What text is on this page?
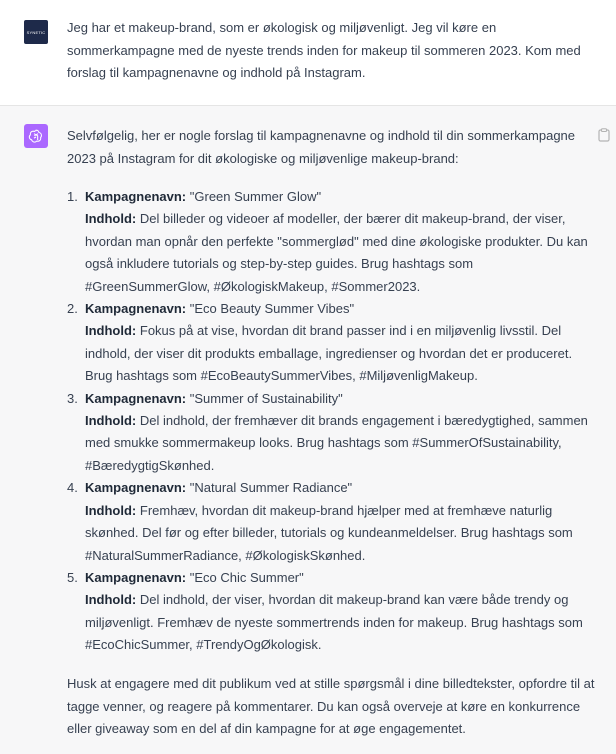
SYNETIC Jeg har et makeup-brand, som er økologisk og miljøvenligt. Jeg vil køre en sommerkampagne med de nyeste trends inden for makeup til sommeren 2023. Kom med forslag til kampagnenavne og indhold på Instagram.
Selvfølgelig, her er nogle forslag til kampagnenavne og indhold til din sommerkampagne 2023 på Instagram for dit økologiske og miljøvenlige makeup-brand:
1. Kampagnenavn: "Green Summer Glow"
Indhold: Del billeder og videoer af modeller, der bærer dit makeup-brand, der viser, hvordan man opnår den perfekte "sommerglød" med dine økologiske produkter. Du kan også inkludere tutorials og step-by-step guides. Brug hashtags som #GreenSummerGlow, #ØkologiskMakeup, #Sommer2023.
2. Kampagnenavn: "Eco Beauty Summer Vibes"
Indhold: Fokus på at vise, hvordan dit brand passer ind i en miljøvenlig livsstil. Del indhold, der viser dit produkts emballage, ingredienser og hvordan det er produceret. Brug hashtags som #EcoBeautySummerVibes, #MiljøvenligMakeup.
3. Kampagnenavn: "Summer of Sustainability"
Indhold: Del indhold, der fremhæver dit brands engagement i bæredygtighed, sammen med smukke sommermakeup looks. Brug hashtags som #SummerOfSustainability, #BæredygtigSkønhed.
4. Kampagnenavn: "Natural Summer Radiance"
Indhold: Fremhæv, hvordan dit makeup-brand hjælper med at fremhæve naturlig skønhed. Del før og efter billeder, tutorials og kundeanmeldelser. Brug hashtags som #NaturalSummerRadiance, #ØkologiskSkønhed.
5. Kampagnenavn: "Eco Chic Summer"
Indhold: Del indhold, der viser, hvordan dit makeup-brand kan være både trendy og miljøvenligt. Fremhæv de nyeste sommertrends inden for makeup. Brug hashtags som #EcoChicSummer, #TrendyOgØkologisk.
Husk at engagere med dit publikum ved at stille spørgsmål i dine billedtekster, opfordre til at tagge venner, og reagere på kommentarer. Du kan også overveje at køre en konkurrence eller giveaway som en del af din kampagne for at øge engagementet.
